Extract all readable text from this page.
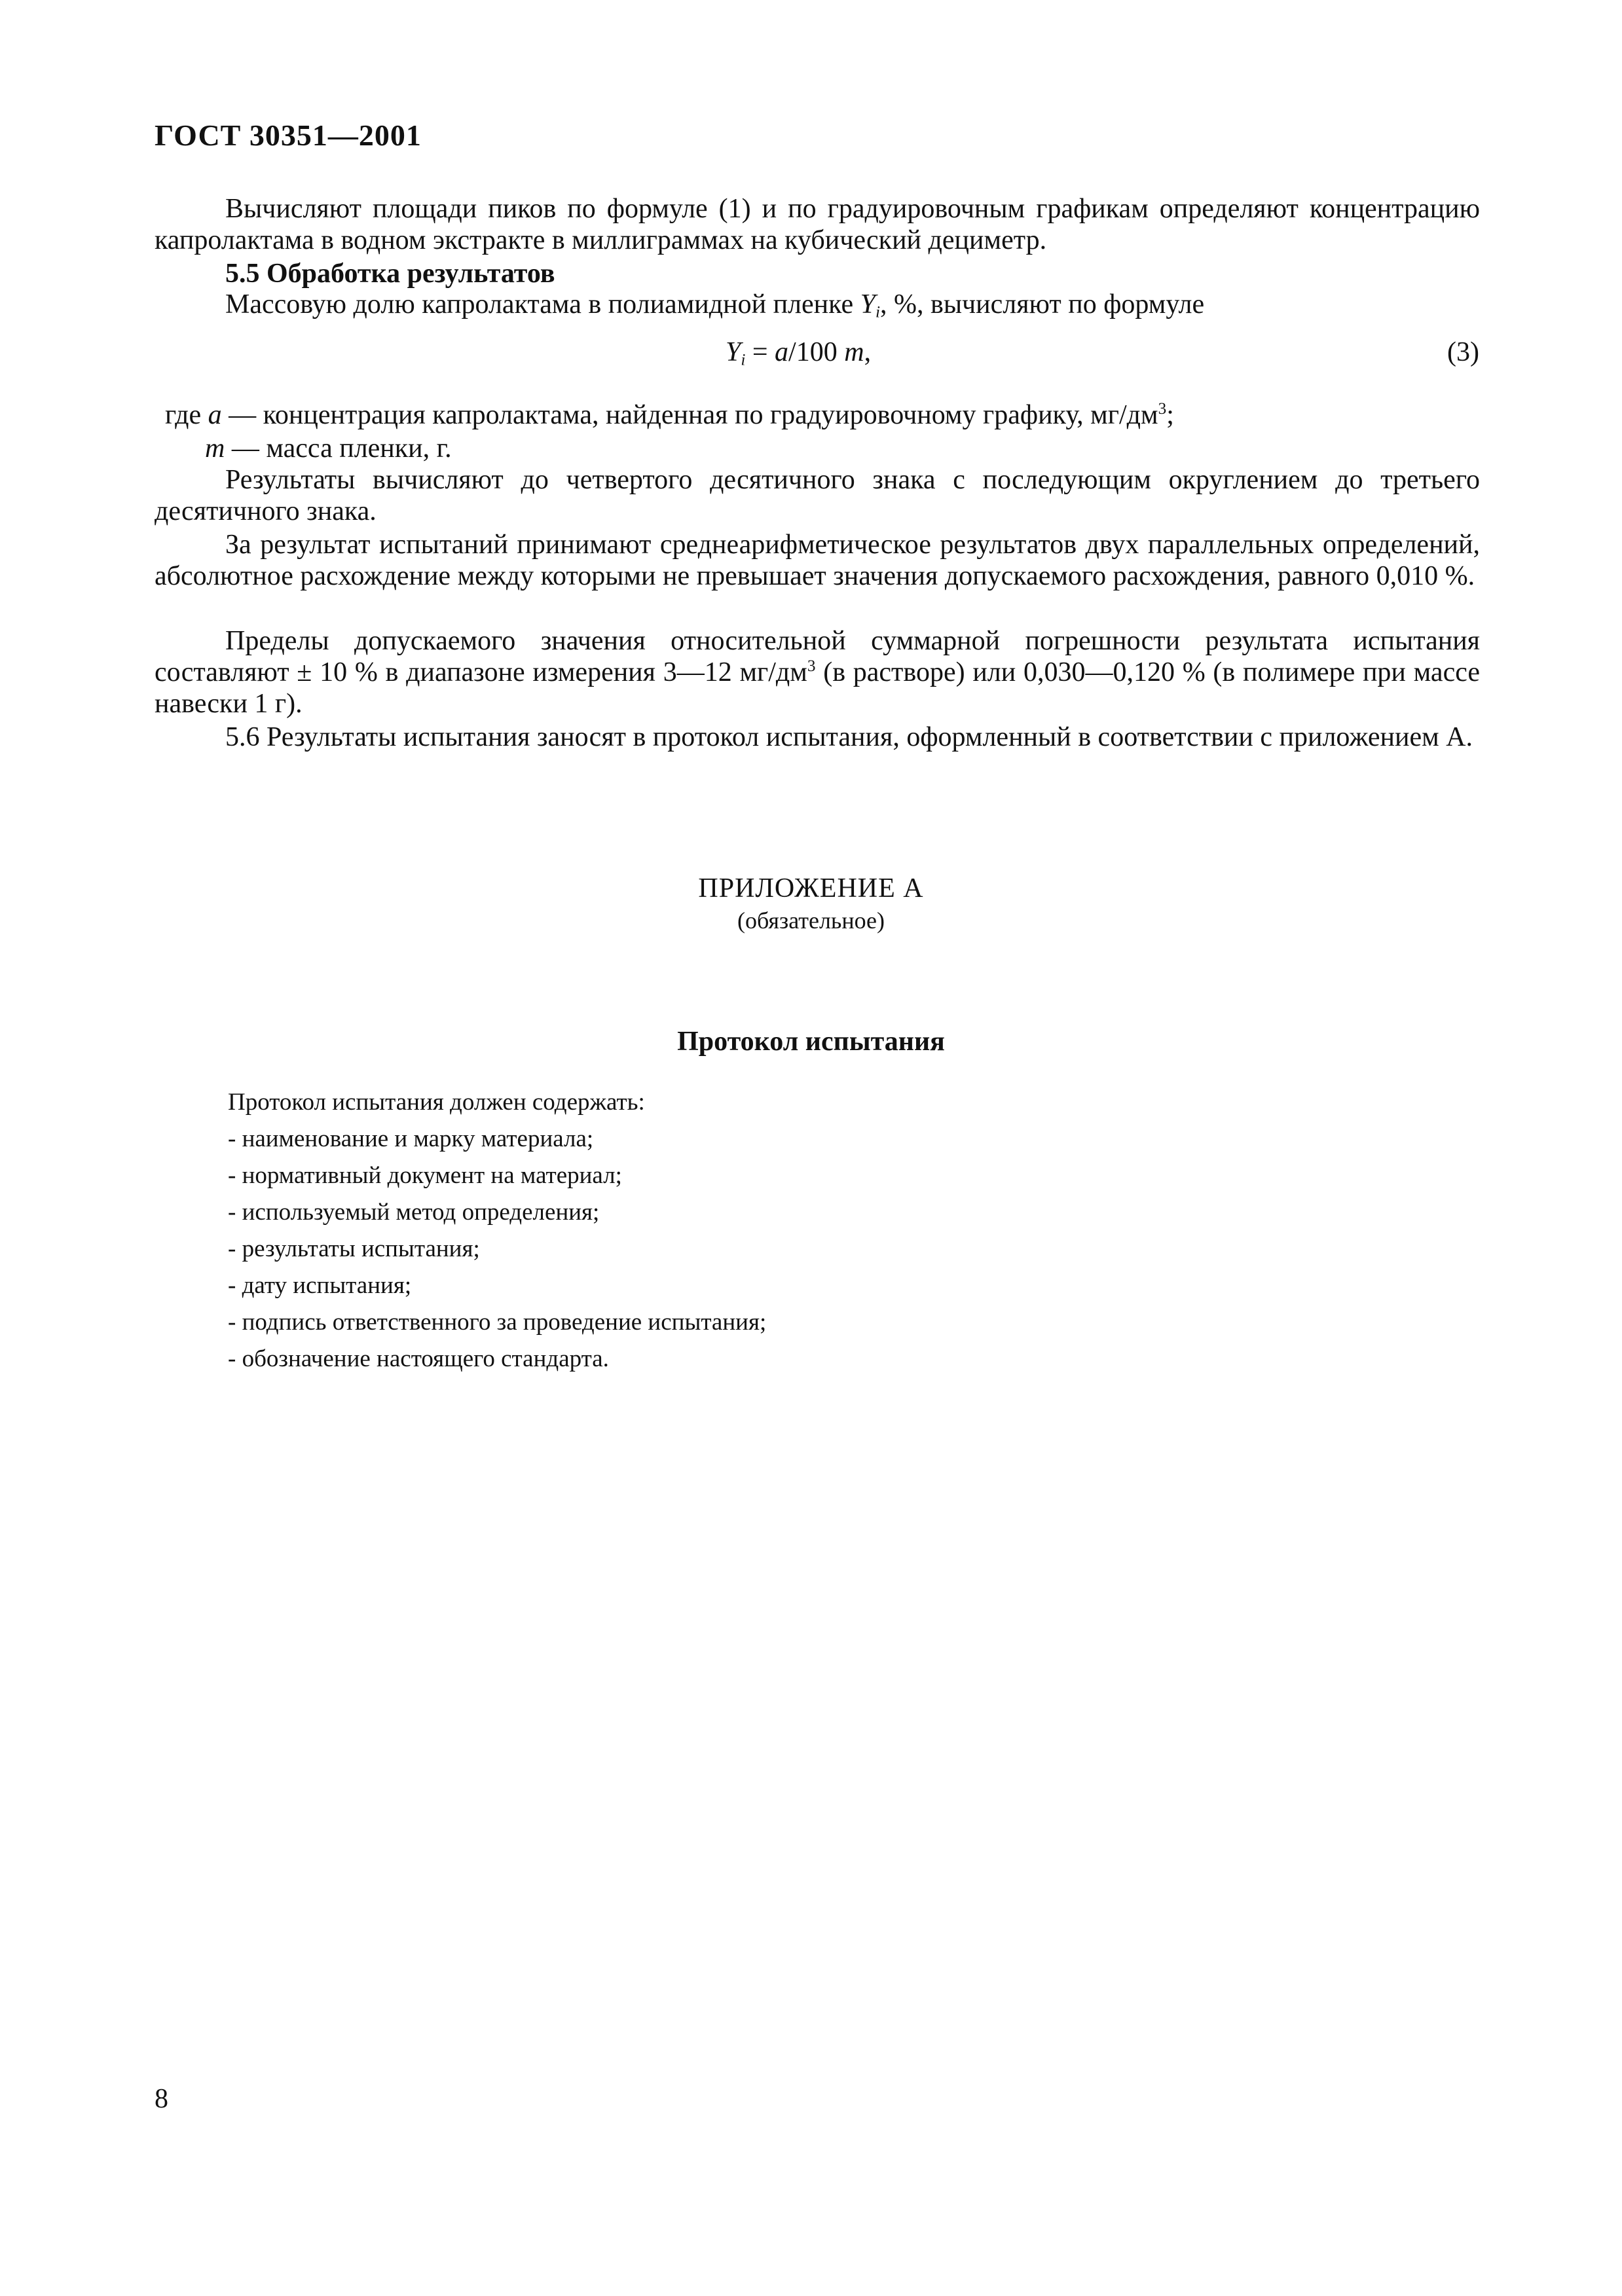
ГОСТ 30351—2001

Вычисляют площади пиков по формуле (1) и по градуировочным графикам определяют концентрацию капролактама в водном экстракте в миллиграммах на кубический дециметр.

5.5 Обработка результатов

Массовую долю капролактама в полиамидной пленке $Y_i$, %, вычисляют по формуле

$Y_i = a/100$ m,	(3)
где a — концентрация капролактама, найденная по градуировочному графику, $мг/дм^3$;
m — масса пленки, г.

Результаты вычисляют до четвертого десятичного знака с последующим округлением до третьего десятичного знака.

За результат испытаний принимают среднеарифметическое результатов двух параллельных определений, абсолютное расхождение между которыми не превышает значения допускаемого расхождения, равного 0,010 %.

Пределы допускаемого значения относительной суммарной погрешности результата испытания составляют ± 10 % в диапазоне измерения 3—12 $мг/дм^3$ (в растворе) или 0,030—0,120 % (в полимере при массе навески 1 г).

5.6 Результаты испытания заносят в протокол испытания, оформленный в соответствии с приложением А.

ПРИЛОЖЕНИЕ А
(обязательное)
Протокол испытания
Протокол испытания должен содержать:
- наименование и марку материала;
- нормативный документ на материал;
- используемый метод определения;
- результаты испытания;
- дату испытания;
- подпись ответственного за проведение испытания;
- обозначение настоящего стандарта.
8
